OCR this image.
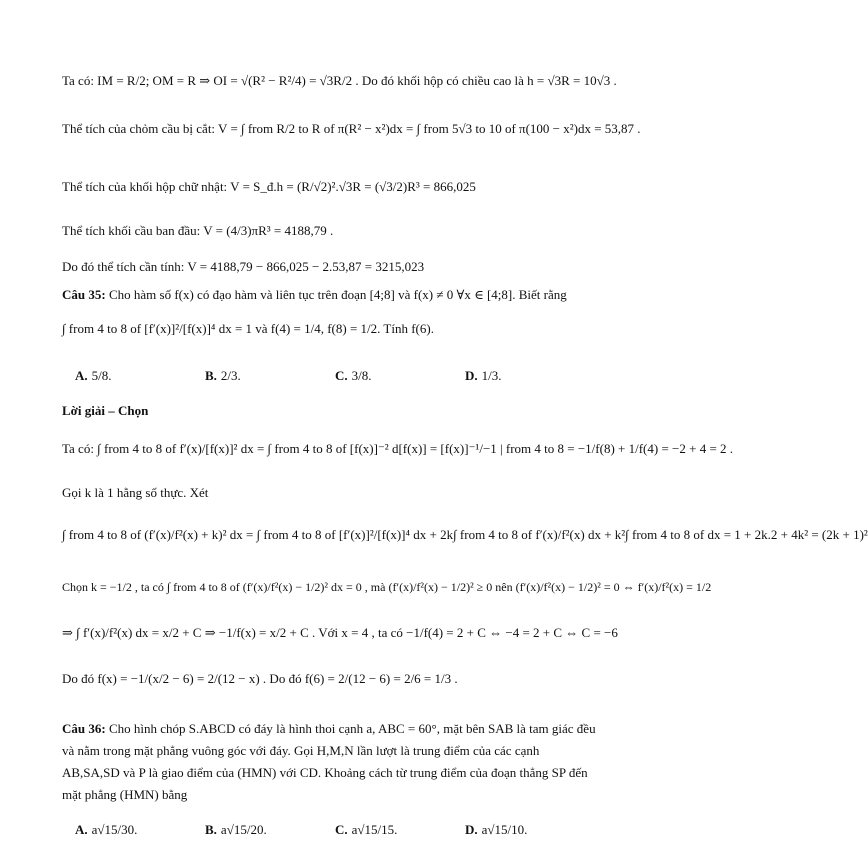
Ta có: IM = R/2; OM = R ⇒ OI = √(R² − R²/4) = √3R/2 . Do đó khối hộp có chiều cao là h = √3R = 10√3 .
Thể tích của chỏm cầu bị cắt: V = ∫ from R/2 to R of π(R² − x²)dx = ∫ from 5√3 to 10 of π(100 − x²)dx = 53,87 .
Thể tích của khối hộp chữ nhật: V = S_đ.h = (R/√2)².√3R = (√3/2)R³ = 866,025
Thể tích khối cầu ban đầu: V = (4/3)πR³ = 4188,79 .
Do đó thể tích cần tính: V = 4188,79 − 866,025 − 2.53,87 = 3215,023
Câu 35: Cho hàm số f(x) có đạo hàm và liên tục trên đoạn [4;8] và f(x) ≠ 0 ∀x ∈ [4;8]. Biết rằng
∫ from 4 to 8 of [f′(x)]²/[f(x)]⁴ dx = 1 và f(4) = 1/4, f(8) = 1/2. Tính f(6).
A. 5/8.	B. 2/3.	C. 3/8.	D. 1/3.
Lời giải – Chọn
Ta có: ∫ from 4 to 8 of f′(x)/[f(x)]² dx = ∫ from 4 to 8 of [f(x)]⁻² d[f(x)] = [f(x)]⁻¹/−1 | from 4 to 8 = −1/f(8) + 1/f(4) = −2 + 4 = 2 .
Gọi k là 1 hằng số thực. Xét
∫ from 4 to 8 of (f′(x)/f²(x) + k)² dx = ∫ from 4 to 8 of [f′(x)]²/[f(x)]⁴ dx + 2k∫ from 4 to 8 of f′(x)/f²(x) dx + k²∫ from 4 to 8 of dx = 1 + 2k.2 + 4k² = (2k + 1)²
Chọn k = −1/2 , ta có ∫ from 4 to 8 of (f′(x)/f²(x) − 1/2)² dx = 0 , mà (f′(x)/f²(x) − 1/2)² ≥ 0 nên (f′(x)/f²(x) − 1/2)² = 0 ⇔ f′(x)/f²(x) = 1/2
⇒ ∫ f′(x)/f²(x) dx = x/2 + C ⇒ −1/f(x) = x/2 + C . Với x = 4 , ta có −1/f(4) = 2 + C ⇔ −4 = 2 + C ⇔ C = −6
Do đó f(x) = −1/(x/2 − 6) = 2/(12 − x) . Do đó f(6) = 2/(12 − 6) = 2/6 = 1/3 .
Câu 36: Cho hình chóp S.ABCD có đáy là hình thoi cạnh a, ABC = 60°, mặt bên SAB là tam giác đều
và nằm trong mặt phẳng vuông góc với đáy. Gọi H,M,N lần lượt là trung điểm của các cạnh
AB,SA,SD và P là giao điểm của (HMN) với CD. Khoảng cách từ trung điểm của đoạn thẳng SP đến
mặt phẳng (HMN) bằng
A. a√15/30.	B. a√15/20.	C. a√15/15.	D. a√15/10.
